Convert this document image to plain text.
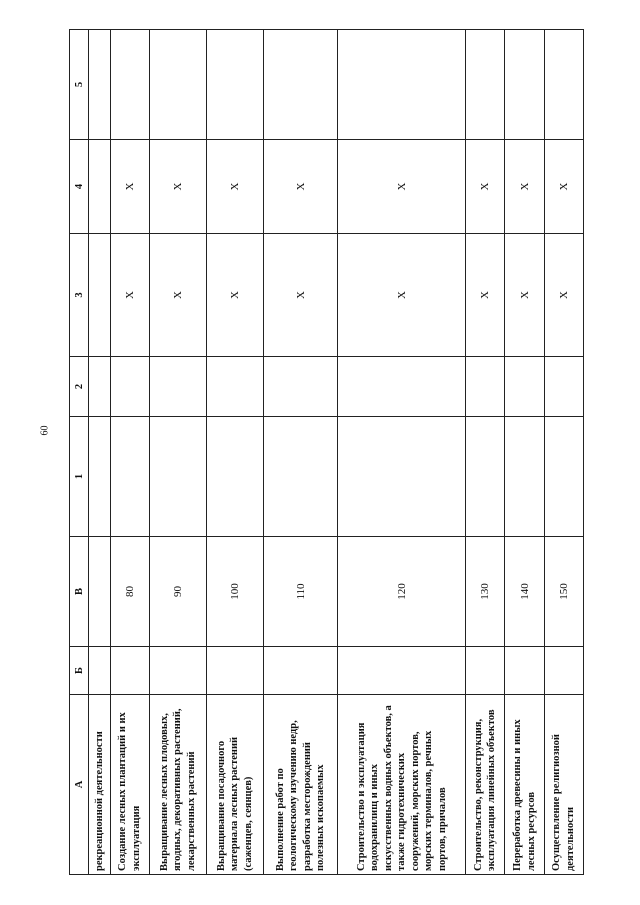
60
А	Б	В	1	2	3	4	5
рекреационной деятельности							
Создание лесных плантаций и их эксплуатация		80			X	X	
Выращивание лесных плодовых, ягодных, декоративных растений, лекарственных растений		90			X	X	
Выращивание посадочного материала лесных растений (саженцев, сеянцев)		100			X	X	
Выполнение работ по геологическому изучению недр, разработка месторождений полезных ископаемых		110			X	X	
Строительство и эксплуатация водохранилищ и иных искусственных водных объектов, а также гидротехнических сооружений, морских портов, морских терминалов, речных портов, причалов		120			X	X	
Строительство, реконструкция, эксплуатация линейных объектов		130			X	X	
Переработка древесины и иных лесных ресурсов		140			X	X	
Осуществление религиозной деятельности		150			X	X	
